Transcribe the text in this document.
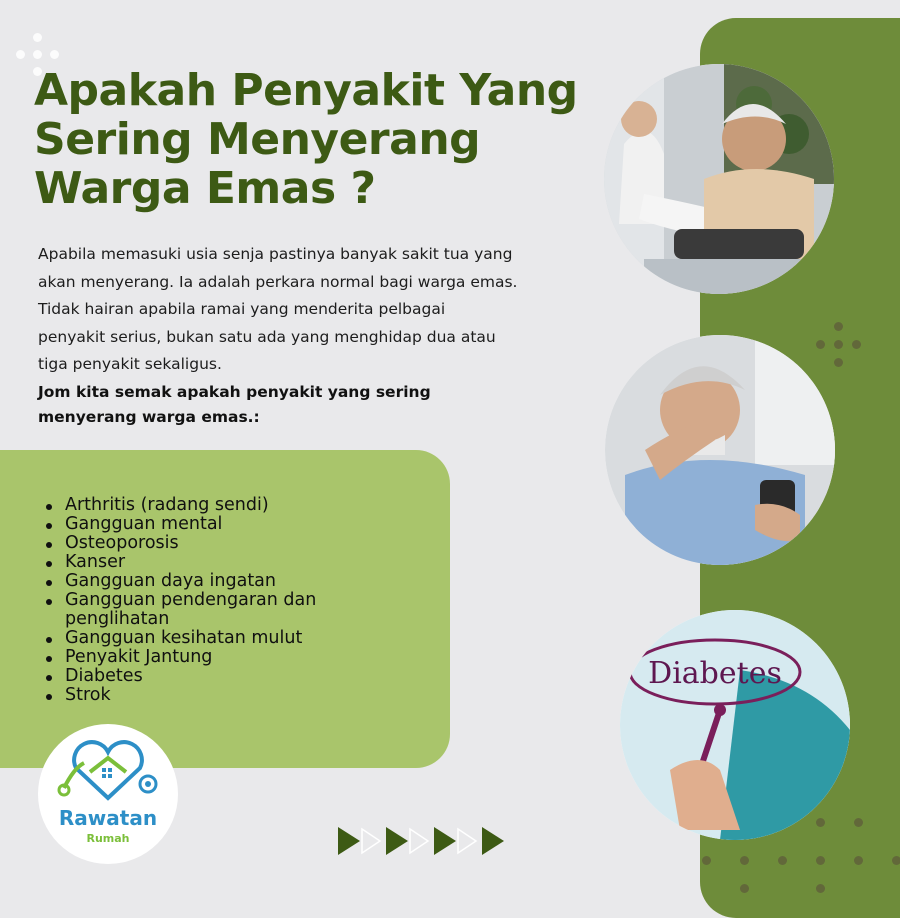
Apakah Penyakit Yang
Sering Menyerang
Warga Emas ?

Apabila memasuki usia senja pastinya banyak sakit tua yang
akan menyerang. Ia adalah perkara normal bagi warga emas.
Tidak hairan apabila ramai yang menderita pelbagai
penyakit serius, bukan satu ada yang menghidap dua atau
tiga penyakit sekaligus.

Jom kita semak apakah penyakit yang sering
menyerang warga emas.:

Arthritis (radang sendi)
Gangguan mental
Osteoporosis
Kanser
Gangguan daya ingatan
Gangguan pendengaran dan penglihatan
Gangguan kesihatan mulut
Penyakit Jantung
Diabetes
Strok
Diabetes
Rawatan
Rumah
